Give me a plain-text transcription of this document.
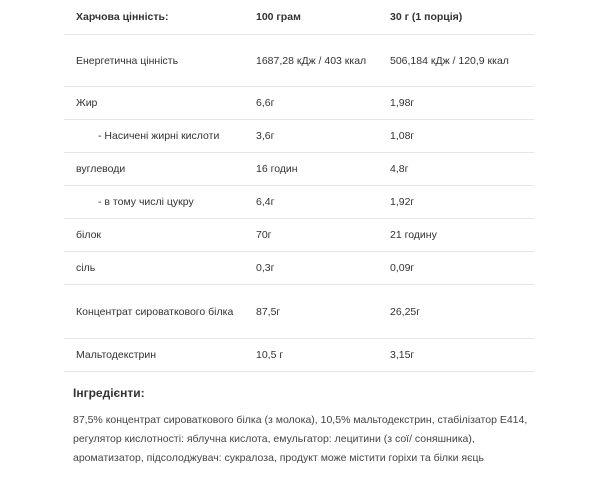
Харчова цінність:	100 грам	30 г (1 порція)
Енергетична цінність	1687,28 кДж / 403 ккал	506,184 кДж / 120,9 ккал
Жир	6,6г	1,98г
- Насичені жирні кислоти	3,6г	1,08г
вуглеводи	16 годин	4,8г
- в тому числі цукру	6,4г	1,92г
білок	70г	21 годину
сіль	0,3г	0,09г
Концентрат сироваткового білка	87,5г	26,25г
Мальтодекстрин	10,5 г	3,15г
Інгредієнти:

87,5% концентрат сироваткового білка (з молока), 10,5% мальтодекстрин, стабілізатор Е414, регулятор кислотності: яблучна кислота, емульгатор: лецитини (з сої/ соняшника), ароматизатор, підсолоджувач: сукралоза, продукт може містити горіхи та білки яєць
